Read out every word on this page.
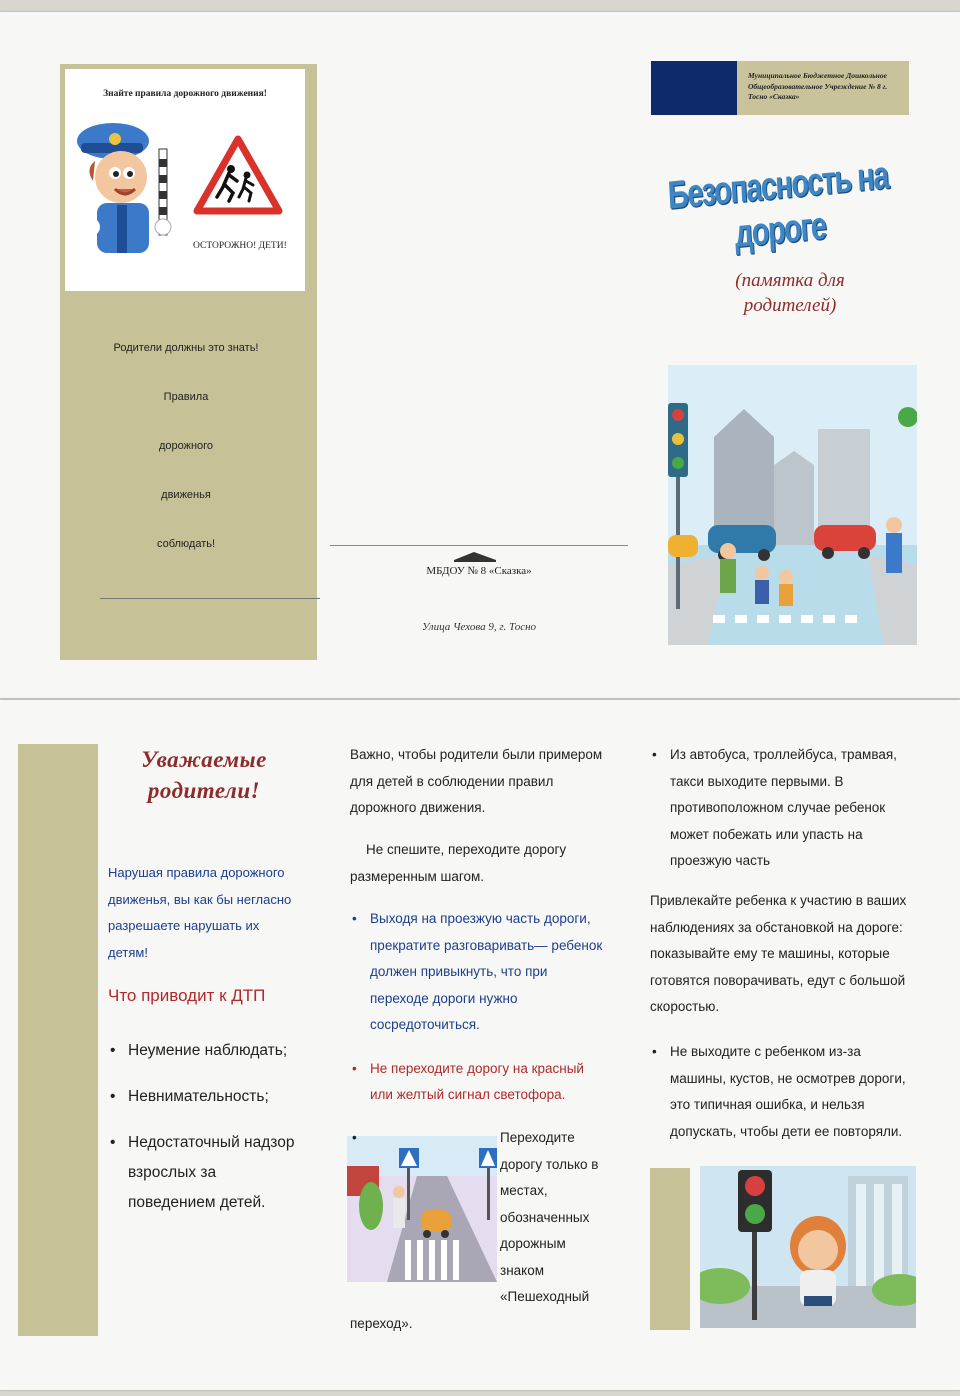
Знайте правила дорожного движения!
ОСТОРОЖНО! ДЕТИ!
Родители должны это знать!
Правила
дорожного
движенья
соблюдать!
МБДОУ № 8 «Сказка»
Улица Чехова 9, г. Тосно
Муниципальное Бюджетное Дошкольное Общеобразовательное Учреждение № 8 г. Тосно «Сказка»
Безопасность на дороге
(памятка для родителей)
Уважаемые родители!
Нарушая правила дорожного движенья, вы как бы негласно разрешаете нарушать их детям!
Что приводит к ДТП
• Неумение наблюдать;
• Невнимательность;
• Недостаточный надзор взрослых за поведением детей.
Важно, чтобы родители были примером для детей в соблюдении правил дорожного движения.
Не спешите, переходите дорогу размеренным шагом.
• Выходя на проезжую часть дороги, прекратите разговаривать— ребенок должен привыкнуть, что при переходе дороги нужно сосредоточиться.
• Не переходите дорогу на красный или желтый сигнал светофора.
• Переходите дорогу только в местах, обозначенных дорожным знаком «Пешеходный переход».
• Из автобуса, троллейбуса, трамвая, такси выходите первыми. В противоположном случае ребенок может побежать или упасть на проезжую часть
Привлекайте ребенка к участию в ваших наблюдениях за обстановкой на дороге: показывайте ему те машины, которые готовятся поворачивать, едут с большой скоростью.
• Не выходите с ребенком из-за машины, кустов, не осмотрев дороги, это типичная ошибка, и нельзя допускать, чтобы дети ее повторяли.
